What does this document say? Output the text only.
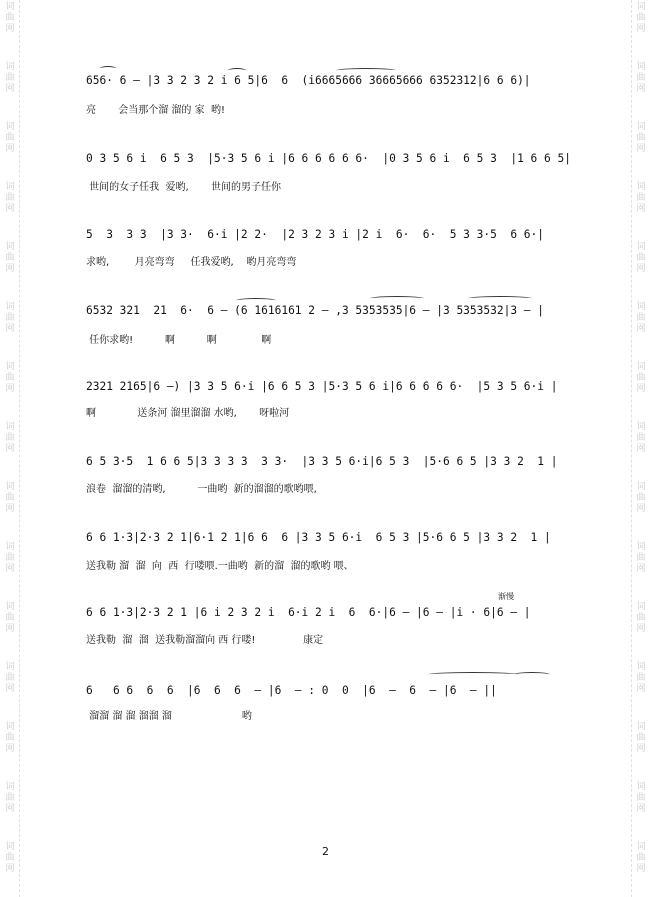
词
曲
网
词
曲
网
词
曲
网
词
曲
网
词
曲
网
词
曲
网
词
曲
网
词
曲
网
词
曲
网
词
曲
网
词
曲
网
词
曲
网
词
曲
网
词
曲
网
词
曲
网
词
曲
网
词
曲
网
词
曲
网
词
曲
网
词
曲
网
词
曲
网
词
曲
网
词
曲
网
词
曲
网
词
曲
网
词
曲
网
词
曲
网
词
曲
网
词
曲
网
词
曲
网
656· 6 – |3 3 2 3 2 i 6 5|6  6  (i6665666 36665666 6352312|6 6 6)|
亮       会当那个溜 溜的 家  哟!
0 3 5 6 i  6 5 3  |5·3 5 6 i |6 6 6 6 6 6·  |0 3 5 6 i  6 5 3  |1 6 6 5|
世间的女子任我  爱哟,       世间的男子任你
5  3  3 3  |3 3·  6·i |2 2·  |2 3 2 3 i |2 i  6·  6·  5 3 3·5  6 6·|
求哟,        月亮弯弯     任我爱哟,    哟月亮弯弯
6532 321  21  6·  6 – (6 1616161 2 – ,3 5353535|6 – |3 5353532|3 – |
任你求哟!          啊          啊              啊
2321 2165|6 –) |3 3 5 6·i |6 6 5 3 |5·3 5 6 i|6 6 6 6 6·  |5 3 5 6·i |
啊             送条河 溜里溜溜 水哟,       呀啦河
6 5 3·5  1 6 6 5|3 3 3 3  3 3·  |3 3 5 6·i|6 5 3  |5·6 6 5 |3 3 2  1 |
浪卷  溜溜的清哟,          一曲哟  新的溜溜的歌哟喂,
6 6 1·3|2·3 2 1|6·1 2 1|6 6  6 |3 3 5 6·i  6 5 3 |5·6 6 5 |3 3 2  1 |
送我勒 溜  溜  向  西  行喽喂.一曲哟  新的溜  溜的歌哟 喂、
渐慢
6 6 1·3|2·3 2 1 |6 i 2 3 2 i  6·i 2 i  6  6·|6 – |6 – |i · 6|6 – |
送我勒  溜  溜  送我勒溜溜向 西 行喽!               康定
6   6 6  6  6  |6  6  6  – |6  – : 0  0  |6  –  6  – |6  – ||
溜溜 溜 溜 溜溜 溜                      哟
2
